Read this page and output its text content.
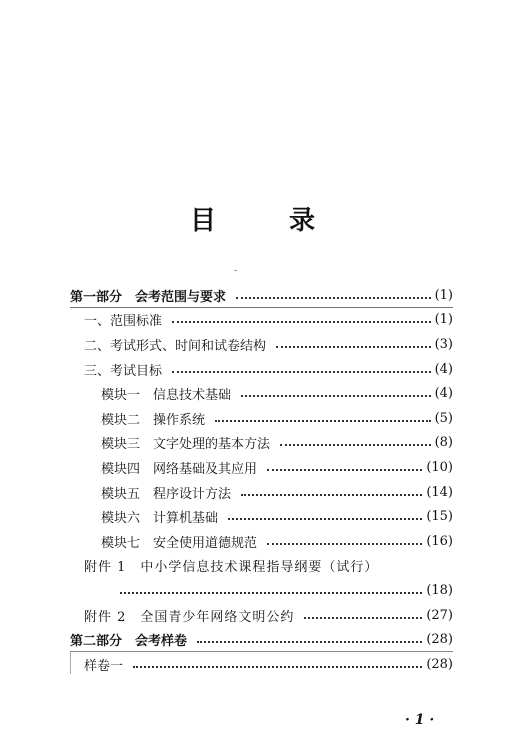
目 录
第一部分　会考范围与要求	(1)
一、范围标准	(1)
二、考试形式、时间和试卷结构	(3)
三、考试目标	(4)
模块一　信息技术基础	(4)
模块二　操作系统	(5)
模块三　文字处理的基本方法	(8)
模块四　网络基础及其应用	(10)
模块五　程序设计方法	(14)
模块六　计算机基础	(15)
模块七　安全使用道德规范	(16)
附件 1　中小学信息技术课程指导纲要（试行）
(18)
附件 2　全国青少年网络文明公约	(27)
第二部分　会考样卷	(28)
样卷一	(28)
· 1 ·
